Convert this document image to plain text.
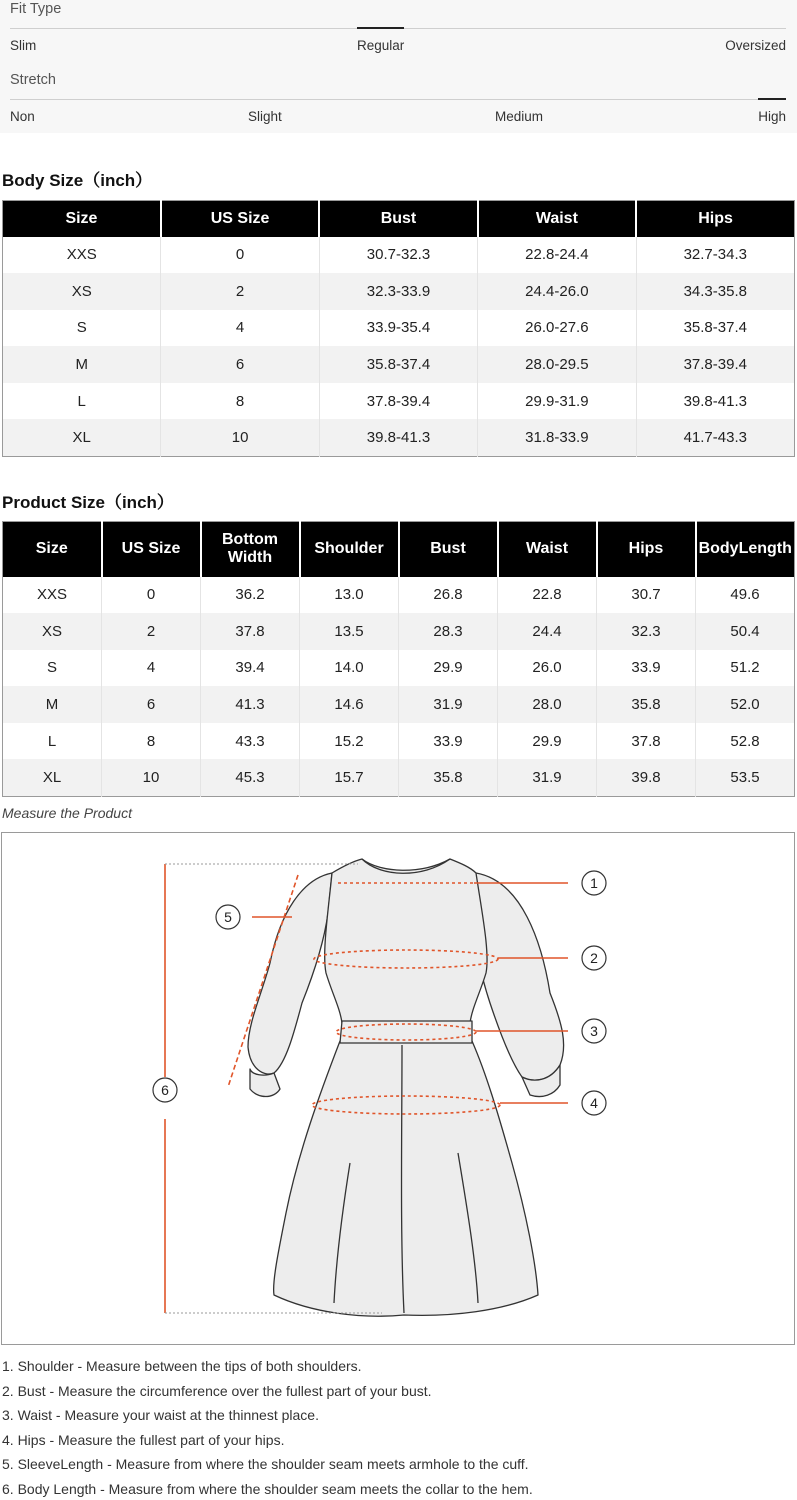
Fit Type
Slim	Regular	Oversized
Stretch
Non	Slight	Medium	High
Body Size（inch）
Size	US Size	Bust	Waist	Hips
XXS	0	30.7-32.3	22.8-24.4	32.7-34.3
XS	2	32.3-33.9	24.4-26.0	34.3-35.8
S	4	33.9-35.4	26.0-27.6	35.8-37.4
M	6	35.8-37.4	28.0-29.5	37.8-39.4
L	8	37.8-39.4	29.9-31.9	39.8-41.3
XL	10	39.8-41.3	31.8-33.9	41.7-43.3
Product Size（inch）
Size	US Size	Bottom Width	Shoulder	Bust	Waist	Hips	BodyLength
XXS	0	36.2	13.0	26.8	22.8	30.7	49.6
XS	2	37.8	13.5	28.3	24.4	32.3	50.4
S	4	39.4	14.0	29.9	26.0	33.9	51.2
M	6	41.3	14.6	31.9	28.0	35.8	52.0
L	8	43.3	15.2	33.9	29.9	37.8	52.8
XL	10	45.3	15.7	35.8	31.9	39.8	53.5
Measure the Product
1
2
3
4
5
6
1. Shoulder - Measure between the tips of both shoulders.
2. Bust - Measure the circumference over the fullest part of your bust.
3. Waist - Measure your waist at the thinnest place.
4. Hips - Measure the fullest part of your hips.
5. SleeveLength - Measure from where the shoulder seam meets armhole to the cuff.
6. Body Length - Measure from where the shoulder seam meets the collar to the hem.
